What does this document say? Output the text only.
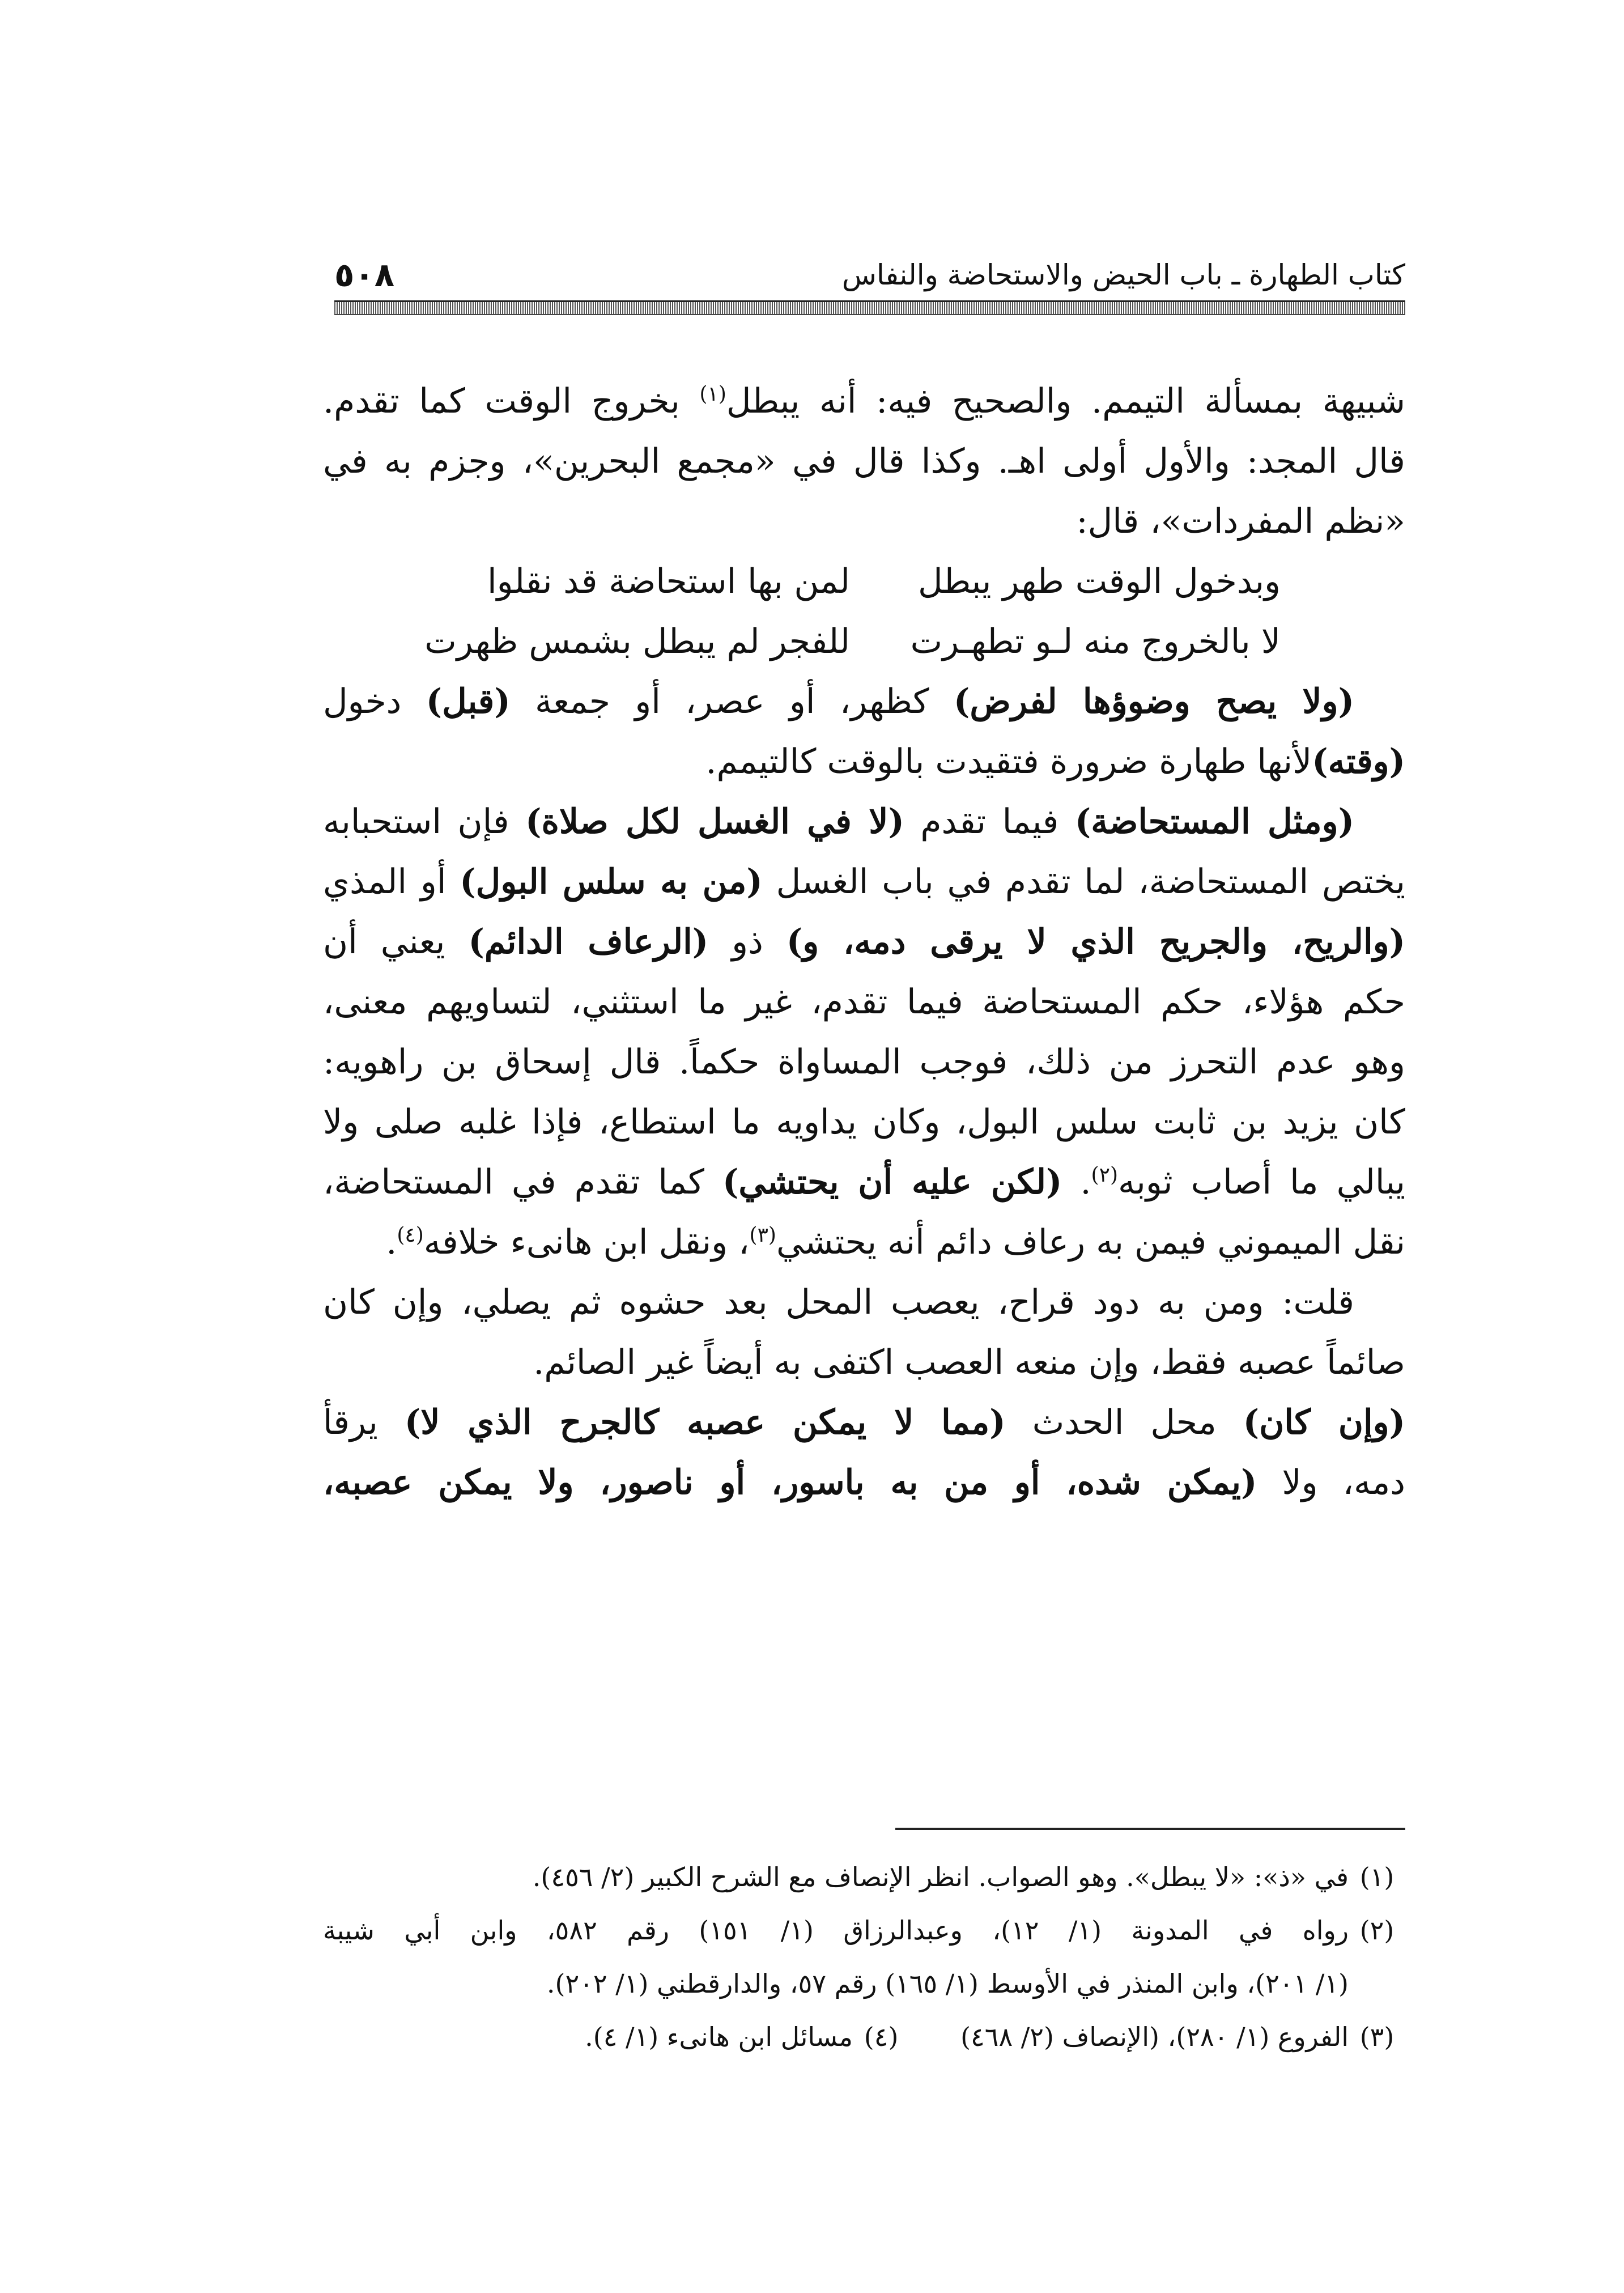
كتاب الطهارة ـ باب الحيض والاستحاضة والنفاس
٥٠٨
شبيهة بمسألة التيمم. والصحيح فيه: أنه يبطل$^{(١)}$ بخروج الوقت كما تقدم.
قال المجد: والأول أولى اهـ. وكذا قال في «مجمع البحرين»، وجزم به في
«نظم المفردات»، قال:
وبدخول الوقت طهر يبطل
لمن بها استحاضة قد نقلوا
لا بالخروج منه لـو تطهـرت
للفجر لم يبطل بشمس ظهرت
(ولا يصح وضوؤها لفرض) كظهر، أو عصر، أو جمعة (قبل) دخول
(وقته)لأنها طهارة ضرورة فتقيدت بالوقت كالتيمم.
(ومثل المستحاضة) فيما تقدم (لا في الغسل لكل صلاة) فإن استحبابه
يختص المستحاضة، لما تقدم في باب الغسل (من به سلس البول) أو المذي
(والريح، والجريح الذي لا يرقى دمه، و) ذو (الرعاف الدائم) يعني أن
حكم هؤلاء، حكم المستحاضة فيما تقدم، غير ما استثني، لتساويهم معنى،
وهو عدم التحرز من ذلك، فوجب المساواة حكماً. قال إسحاق بن راهويه:
كان يزيد بن ثابت سلس البول، وكان يداويه ما استطاع، فإذا غلبه صلى ولا
يبالي ما أصاب ثوبه$^{(٢)}$. (لكن عليه أن يحتشي) كما تقدم في المستحاضة،
نقل الميموني فيمن به رعاف دائم أنه يحتشي$^{(٣)}$، ونقل ابن هانىء خلافه$^{(٤)}$.
قلت: ومن به دود قراح، يعصب المحل بعد حشوه ثم يصلي، وإن كان
صائماً عصبه فقط، وإن منعه العصب اكتفى به أيضاً غير الصائم.
(وإن كان) محل الحدث (مما لا يمكن عصبه كالجرح الذي لا) يرقأ
دمه، ولا (يمكن شده، أو من به باسور، أو ناصور، ولا يمكن عصبه،
(١)
في «ذ»: «لا يبطل». وهو الصواب. انظر الإنصاف مع الشرح الكبير (٢/ ٤٥٦).
(٢)
رواه في المدونة (١/ ١٢)، وعبدالرزاق (١/ ١٥١) رقم ٥٨٢، وابن أبي شيبة
(١/ ٢٠١)، وابن المنذر في الأوسط (١/ ١٦٥) رقم ٥٧، والدارقطني (١/ ٢٠٢).
(٣)
الفروع (١/ ٢٨٠)، (الإنصاف (٢/ ٤٦٨)
(٤)
مسائل ابن هانىء (١/ ٤).
